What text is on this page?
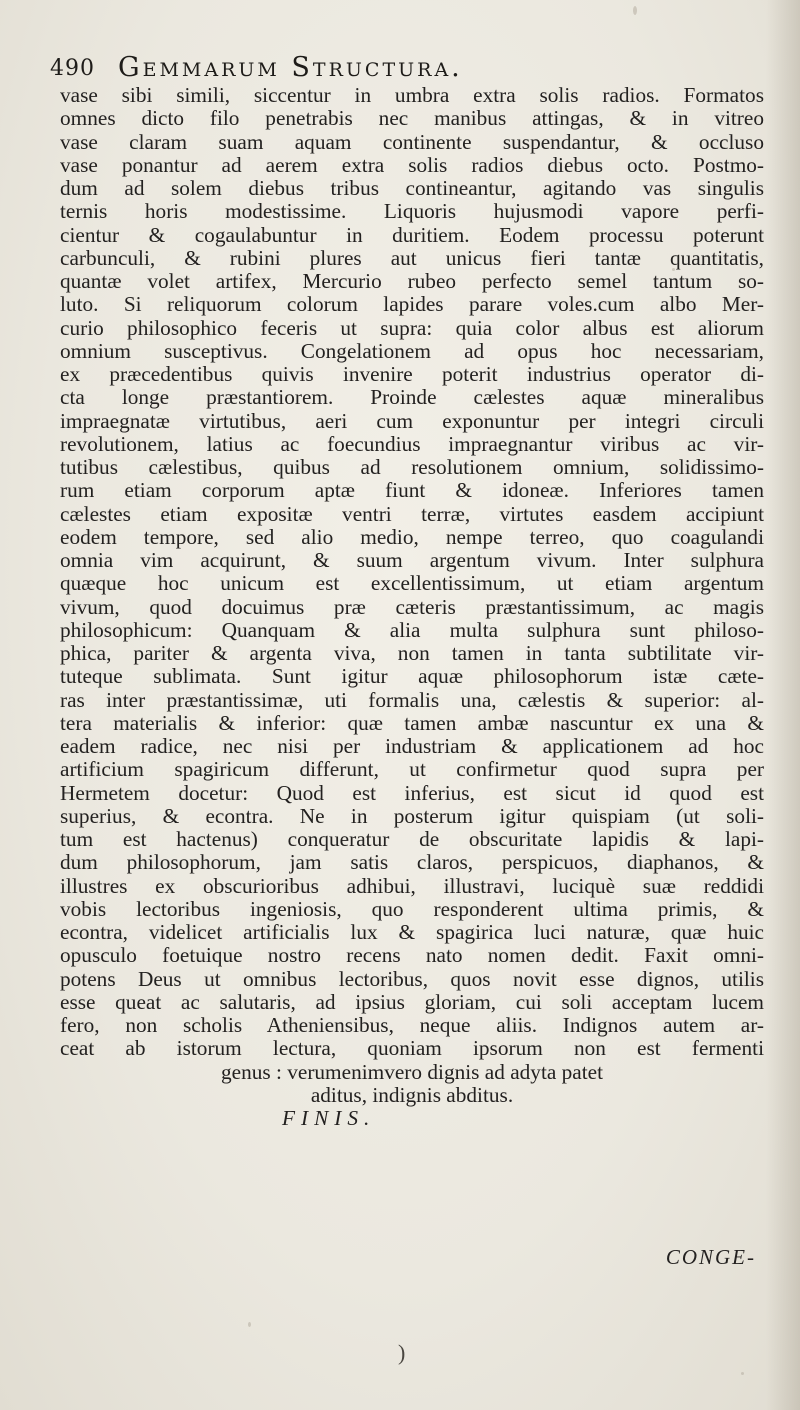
490 Gemmarum Structura.
vase sibi simili, siccentur in umbra extra solis radios. Formatos
omnes dicto filo penetrabis nec manibus attingas, & in vitreo
vase claram suam aquam continente suspendantur, & occluso
vase ponantur ad aerem extra solis radios diebus octo. Postmo-
dum ad solem diebus tribus contineantur, agitando vas singulis
ternis horis modestissime. Liquoris hujusmodi vapore perfi-
cientur & cogaulabuntur in duritiem. Eodem processu poterunt
carbunculi, & rubini plures aut unicus fieri tantæ quantitatis,
quantæ volet artifex, Mercurio rubeo perfecto semel tantum so-
luto. Si reliquorum colorum lapides parare voles.cum albo Mer-
curio philosophico feceris ut supra: quia color albus est aliorum
omnium susceptivus. Congelationem ad opus hoc necessariam,
ex præcedentibus quivis invenire poterit industrius operator di-
cta longe præstantiorem. Proinde cælestes aquæ mineralibus
impraegnatæ virtutibus, aeri cum exponuntur per integri circuli
revolutionem, latius ac foecundius impraegnantur viribus ac vir-
tutibus cælestibus, quibus ad resolutionem omnium, solidissimo-
rum etiam corporum aptæ fiunt & idoneæ. Inferiores tamen
cælestes etiam expositæ ventri terræ, virtutes easdem accipiunt
eodem tempore, sed alio medio, nempe terreo, quo coagulandi
omnia vim acquirunt, & suum argentum vivum. Inter sulphura
quæque hoc unicum est excellentissimum, ut etiam argentum
vivum, quod docuimus præ cæteris præstantissimum, ac magis
philosophicum: Quanquam & alia multa sulphura sunt philoso-
phica, pariter & argenta viva, non tamen in tanta subtilitate vir-
tuteque sublimata. Sunt igitur aquæ philosophorum istæ cæte-
ras inter præstantissimæ, uti formalis una, cælestis & superior: al-
tera materialis & inferior: quæ tamen ambæ nascuntur ex una &
eadem radice, nec nisi per industriam & applicationem ad hoc
artificium spagiricum differunt, ut confirmetur quod supra per
Hermetem docetur: Quod est inferius, est sicut id quod est
superius, & econtra. Ne in posterum igitur quispiam (ut soli-
tum est hactenus) conqueratur de obscuritate lapidis & lapi-
dum philosophorum, jam satis claros, perspicuos, diaphanos, &
illustres ex obscurioribus adhibui, illustravi, luciquè suæ reddidi
vobis lectoribus ingeniosis, quo responderent ultima primis, &
econtra, videlicet artificialis lux & spagirica luci naturæ, quæ huic
opusculo foetuique nostro recens nato nomen dedit. Faxit omni-
potens Deus ut omnibus lectoribus, quos novit esse dignos, utilis
esse queat ac salutaris, ad ipsius gloriam, cui soli acceptam lucem
fero, non scholis Atheniensibus, neque aliis. Indignos autem ar-
ceat ab istorum lectura, quoniam ipsorum non est fermenti
genus : verumenimvero dignis ad adyta patet
aditus, indignis abditus.
FINIS.
CONGE-
)
